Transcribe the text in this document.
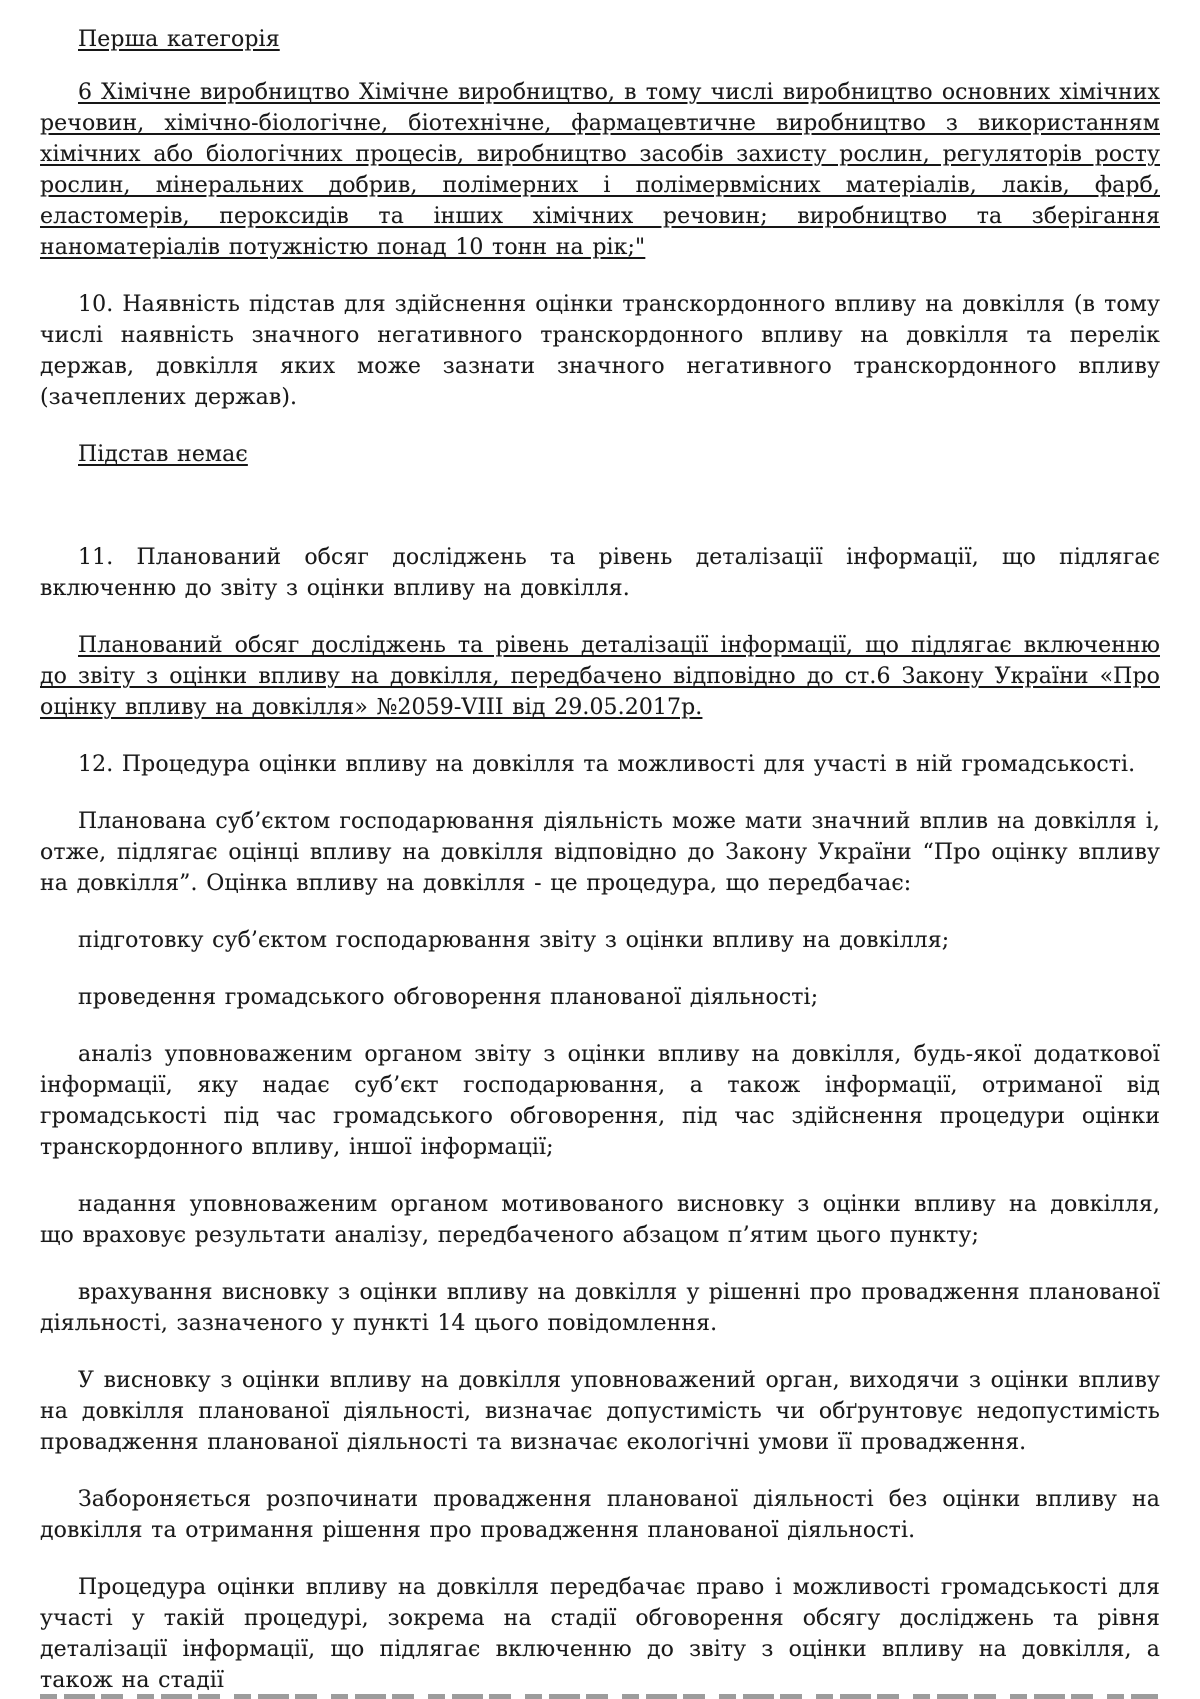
Перша категорія

6 Хімічне виробництво Хімічне виробництво, в тому числі виробництво основних хімічних речовин, хімічно-біологічне, біотехнічне, фармацевтичне виробництво з використанням хімічних або біологічних процесів, виробництво засобів захисту рослин, регуляторів росту рослин, мінеральних добрив, полімерних і полімервмісних матеріалів, лаків, фарб, еластомерів, пероксидів та інших хімічних речовин; виробництво та зберігання наноматеріалів потужністю понад 10 тонн на рік;"

10. Наявність підстав для здійснення оцінки транскордонного впливу на довкілля (в тому числі наявність значного негативного транскордонного впливу на довкілля та перелік держав, довкілля яких може зазнати значного негативного транскордонного впливу (зачеплених держав).

Підстав немає

11. Планований обсяг досліджень та рівень деталізації інформації, що підлягає включенню до звіту з оцінки впливу на довкілля.

Планований обсяг досліджень та рівень деталізації інформації, що підлягає включенню до звіту з оцінки впливу на довкілля, передбачено відповідно до ст.6 Закону України «Про оцінку впливу на довкілля» №2059-VIII від 29.05.2017р.

12. Процедура оцінки впливу на довкілля та можливості для участі в ній громадськості.

Планована суб’єктом господарювання діяльність може мати значний вплив на довкілля і, отже, підлягає оцінці впливу на довкілля відповідно до Закону України “Про оцінку впливу на довкілля”. Оцінка впливу на довкілля - це процедура, що передбачає:

підготовку суб’єктом господарювання звіту з оцінки впливу на довкілля;

проведення громадського обговорення планованої діяльності;

аналіз уповноваженим органом звіту з оцінки впливу на довкілля, будь-якої додаткової інформації, яку надає суб’єкт господарювання, а також інформації, отриманої від громадськості під час громадського обговорення, під час здійснення процедури оцінки транскордонного впливу, іншої інформації;

надання уповноваженим органом мотивованого висновку з оцінки впливу на довкілля, що враховує результати аналізу, передбаченого абзацом п’ятим цього пункту;

врахування висновку з оцінки впливу на довкілля у рішенні про провадження планованої діяльності, зазначеного у пункті 14 цього повідомлення.

У висновку з оцінки впливу на довкілля уповноважений орган, виходячи з оцінки впливу на довкілля планованої діяльності, визначає допустимість чи обґрунтовує недопустимість провадження планованої діяльності та визначає екологічні умови її провадження.

Забороняється розпочинати провадження планованої діяльності без оцінки впливу на довкілля та отримання рішення про провадження планованої діяльності.

Процедура оцінки впливу на довкілля передбачає право і можливості громадськості для участі у такій процедурі, зокрема на стадії обговорення обсягу досліджень та рівня деталізації інформації, що підлягає включенню до звіту з оцінки впливу на довкілля, а також на стадії
